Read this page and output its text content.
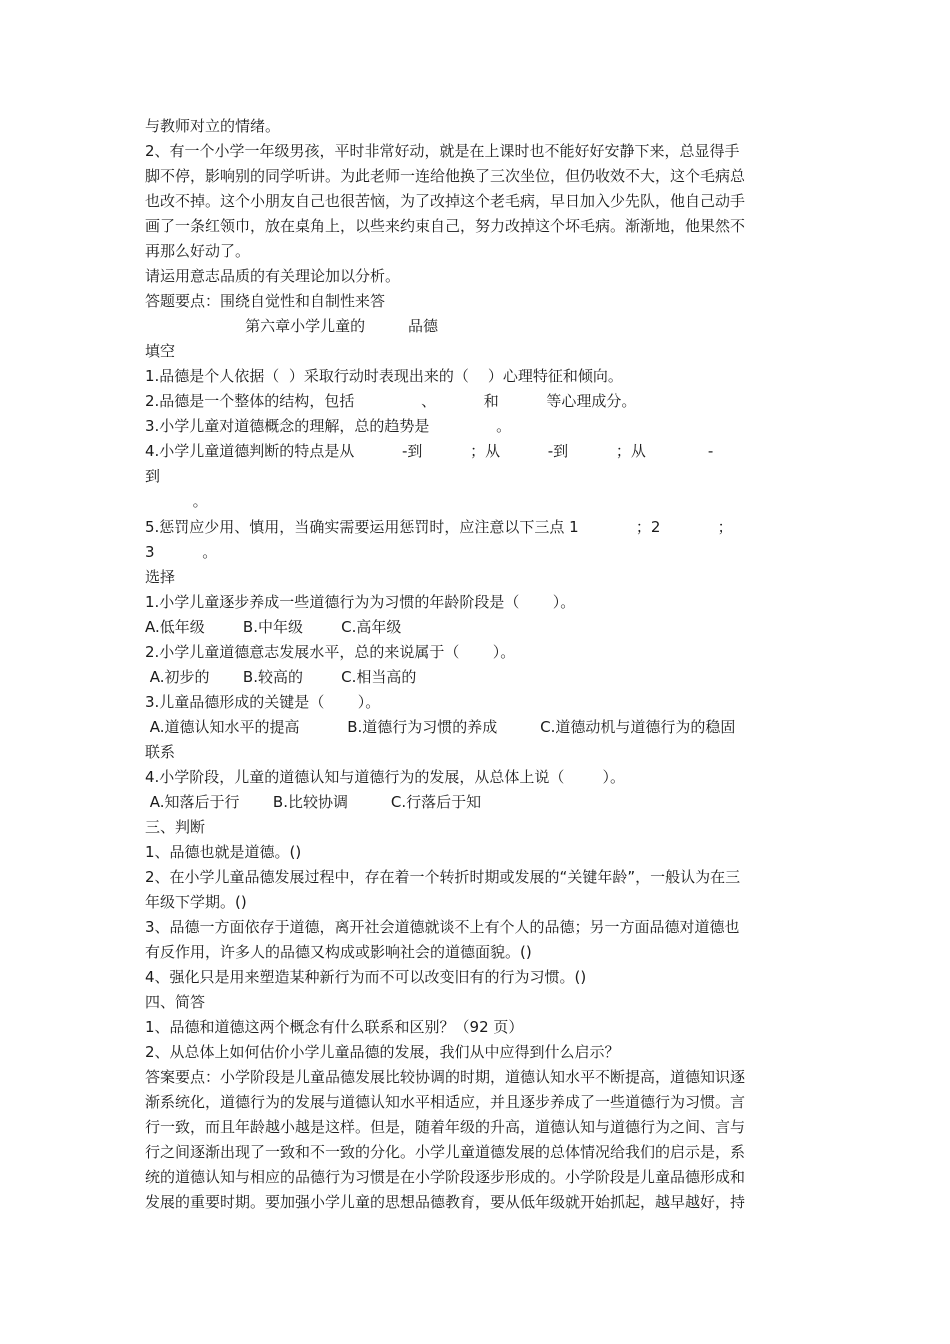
与教师对立的情绪。
2、有一个小学一年级男孩，平时非常好动，就是在上课时也不能好好安静下来，总显得手
脚不停，影响别的同学听讲。为此老师一连给他换了三次坐位，但仍收效不大，这个毛病总
也改不掉。这个小朋友自己也很苦恼，为了改掉这个老毛病，早日加入少先队，他自己动手
画了一条红领巾，放在桌角上，以些来约束自己，努力改掉这个坏毛病。渐渐地，他果然不
再那么好动了。
请运用意志品质的有关理论加以分析。
答题要点：围绕自觉性和自制性来答
第六章小学儿童的         品德
填空
1.品德是个人依据（  ）采取行动时表现出来的（    ）心理特征和倾向。
2.品德是一个整体的结构，包括              、          和          等心理成分。
3.小学儿童对道德概念的理解，总的趋势是              。
4.小学儿童道德判断的特点是从          -到          ；从          -到          ；从             -
到
。
5.惩罚应少用、慎用，当确实需要运用惩罚时，应注意以下三点 1            ；2            ；
3          。
选择
1.小学儿童逐步养成一些道德行为为习惯的年龄阶段是（       ）。
A.低年级        B.中年级        C.高年级
2.小学儿童道德意志发展水平，总的来说属于（       ）。
A.初步的       B.较高的        C.相当高的
3.儿童品德形成的关键是（       ）。
A.道德认知水平的提高          B.道德行为习惯的养成         C.道德动机与道德行为的稳固
联系
4.小学阶段，儿童的道德认知与道德行为的发展，从总体上说（        ）。
A.知落后于行       B.比较协调         C.行落后于知
三、判断
1、品德也就是道德。()
2、在小学儿童品德发展过程中，存在着一个转折时期或发展的“关键年龄”，一般认为在三
年级下学期。()
3、品德一方面依存于道德，离开社会道德就谈不上有个人的品德；另一方面品德对道德也
有反作用，许多人的品德又构成或影响社会的道德面貌。()
4、强化只是用来塑造某种新行为而不可以改变旧有的行为习惯。()
四、简答
1、品德和道德这两个概念有什么联系和区别？（92 页）
2、从总体上如何估价小学儿童品德的发展，我们从中应得到什么启示？
答案要点：小学阶段是儿童品德发展比较协调的时期，道德认知水平不断提高，道德知识逐
渐系统化，道德行为的发展与道德认知水平相适应，并且逐步养成了一些道德行为习惯。言
行一致，而且年龄越小越是这样。但是，随着年级的升高，道德认知与道德行为之间、言与
行之间逐渐出现了一致和不一致的分化。小学儿童道德发展的总体情况给我们的启示是，系
统的道德认知与相应的品德行为习惯是在小学阶段逐步形成的。小学阶段是儿童品德形成和
发展的重要时期。要加强小学儿童的思想品德教育，要从低年级就开始抓起，越早越好，持
